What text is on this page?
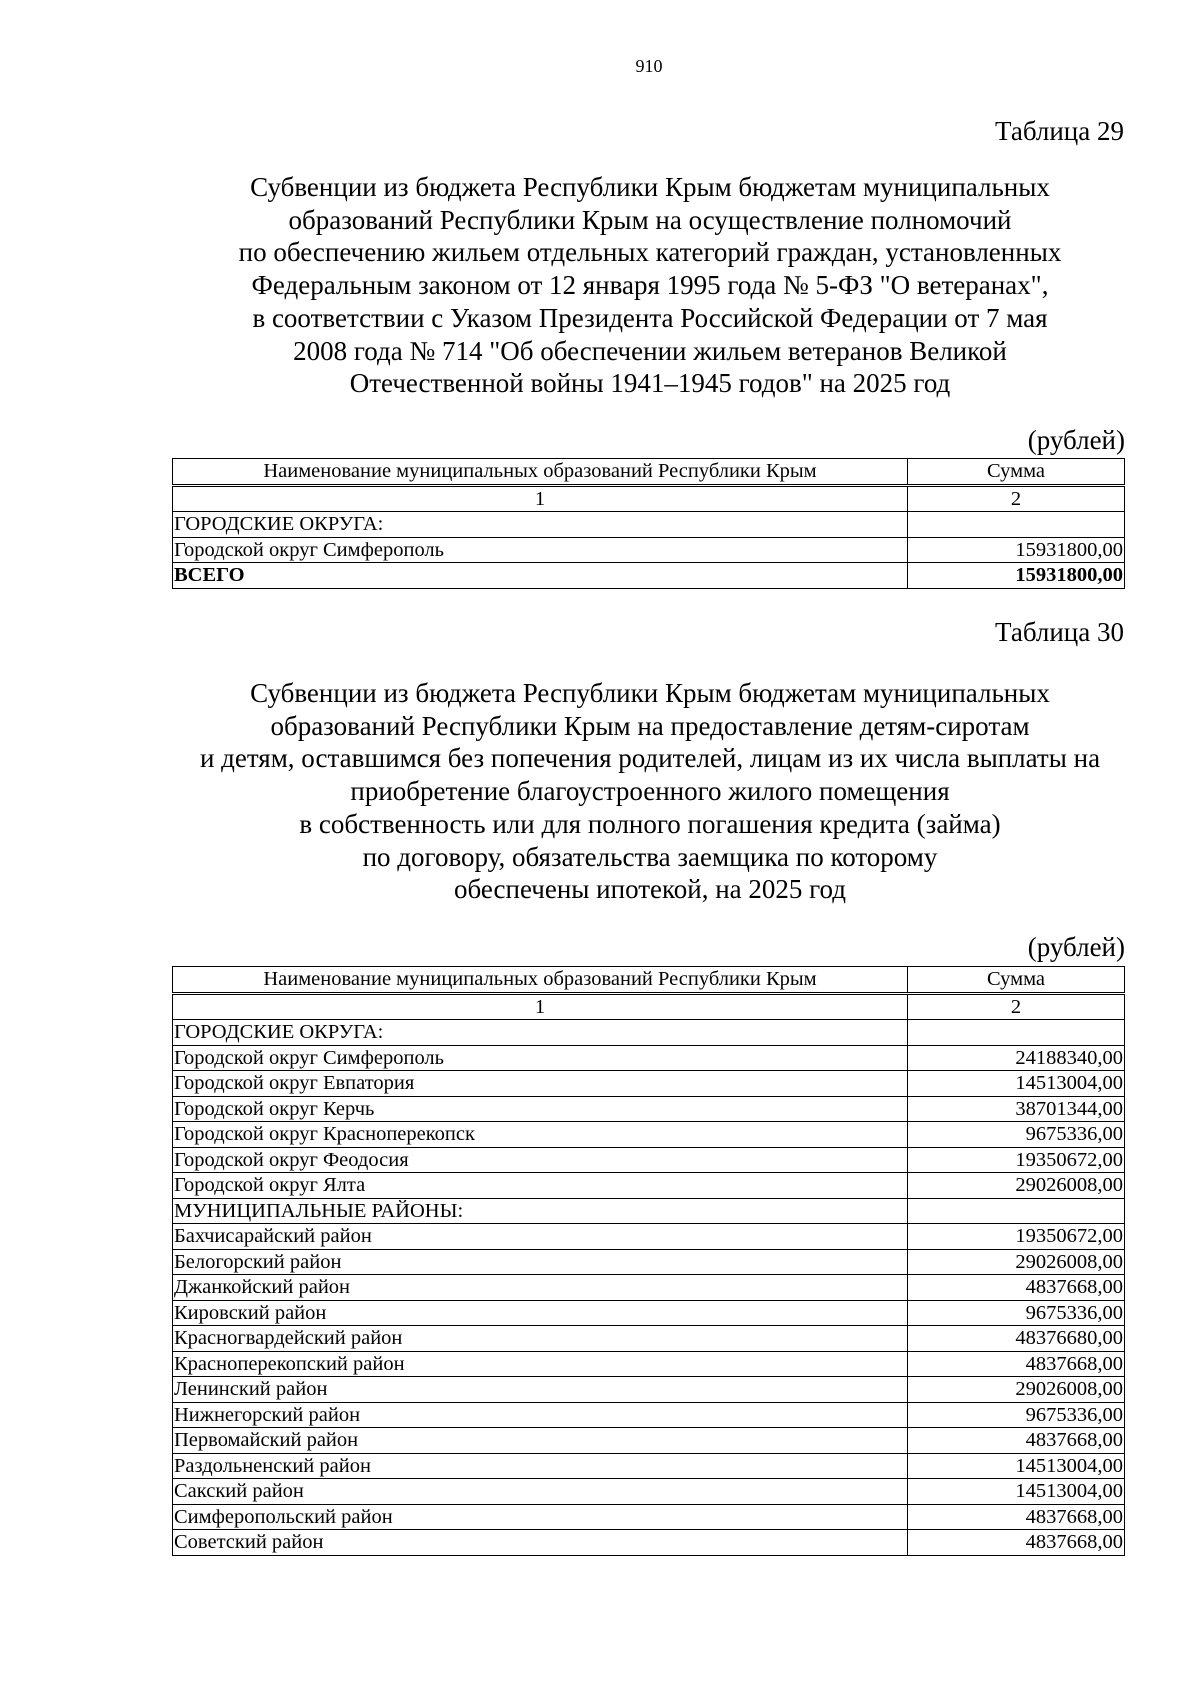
910
Таблица 29
Субвенции из бюджета Республики Крым бюджетам муниципальных
образований Республики Крым на осуществление полномочий
по обеспечению жильем отдельных категорий граждан, установленных
Федеральным законом от 12 января 1995 года № 5-ФЗ "О ветеранах",
в соответствии с Указом Президента Российской Федерации от 7 мая
2008 года № 714 "Об обеспечении жильем ветеранов Великой
Отечественной войны 1941–1945 годов" на 2025 год
(рублей)
Наименование муниципальных образований Республики Крым	Сумма

1	2
ГОРОДСКИЕ ОКРУГА:	
Городской округ Симферополь	15931800,00
ВСЕГО	15931800,00
Таблица 30
Субвенции из бюджета Республики Крым бюджетам муниципальных
образований Республики Крым на предоставление детям-сиротам
и детям, оставшимся без попечения родителей, лицам из их числа выплаты на
приобретение благоустроенного жилого помещения
в собственность или для полного погашения кредита (займа)
по договору, обязательства заемщика по которому
обеспечены ипотекой, на 2025 год
(рублей)
Наименование муниципальных образований Республики Крым	Сумма

1	2
ГОРОДСКИЕ ОКРУГА:	
Городской округ Симферополь	24188340,00
Городской округ Евпатория	14513004,00
Городской округ Керчь	38701344,00
Городской округ Красноперекопск	9675336,00
Городской округ Феодосия	19350672,00
Городской округ Ялта	29026008,00
МУНИЦИПАЛЬНЫЕ РАЙОНЫ:	
Бахчисарайский район	19350672,00
Белогорский район	29026008,00
Джанкойский район	4837668,00
Кировский район	9675336,00
Красногвардейский район	48376680,00
Красноперекопский район	4837668,00
Ленинский район	29026008,00
Нижнегорский район	9675336,00
Первомайский район	4837668,00
Раздольненский район	14513004,00
Сакский район	14513004,00
Симферопольский район	4837668,00
Советский район	4837668,00
